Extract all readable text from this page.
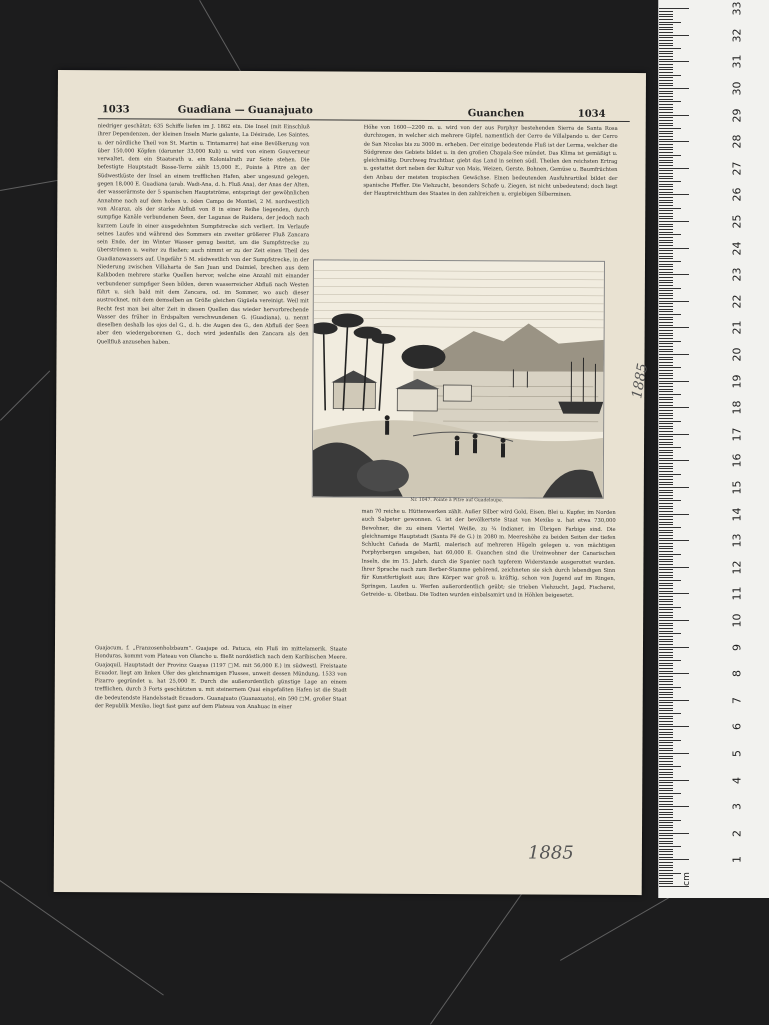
1033	Guadiana — Guanajuato	Guanchen	1034

niedriger geschätzt; 635 Schiffe liefen im J. 1862 ein. Die Insel (mit Einschluß ihrer Dependenzen, der kleinen Inseln Marie galante, La Désirade, Les Saintes, u. der nördliche Theil von St. Martin u. Tintamarre) hat eine Bevölkerung von über 150,000 Köpfen (darunter 33,000 Kuli) u. wird von einem Gouverneur verwaltet, dem ein Staatsrath u. ein Kolonialrath zur Seite stehen. Die befestigte Hauptstadt Basse-Terre zählt 15,000 E., Pointe à Pitre an der Südwestküste der Insel an einem trefflichen Hafen, aber ungesund gelegen, gegen 18,000 E. Guadiana (arab. Wadi-Ana, d. h. Fluß Ana), der Anas der Alten, der wasserärmste der 5 spanischen Hauptströme, entspringt der gewöhnlichen Annahme nach auf dem hohen u. öden Campo de Montiel, 2 M. nordwestlich von Alcaraz, als der starke Abfluß von 8 in einer Reihe liegenden, durch sumpfige Kanäle verbundenen Seen, der Lagunas de Ruidera, der jedoch nach kurzem Laufe in einer ausgedehnten Sumpfstrecke sich verliert. Im Verlaufe seines Laufes und während des Sommers ein zweiter größerer Fluß Zancara sein Ende, der im Winter Wasser genug besitzt, um die Sumpfstrecke zu überströmen u. weiter zu fließen; auch nimmt er zu der Zeit einen Theil des Guadianawassers auf. Ungefähr 5 M. südwestlich von der Sumpfstrecke, in der Niederung zwischen Villaharta de San Juan und Daimiel, brechen aus dem Kalkboden mehrere starke Quellen hervor, welche eine Anzahl mit einander verbundener sumpfiger Seen bilden, deren wasserreicher Abfluß nach Westen führt u. sich bald mit dem Zancara, od. im Sommer, wo auch dieser austrocknet, mit dem demselben an Größe gleichen Gigüela vereinigt. Weil mit Recht fest man bei alter Zeit in diesen Quellen das wieder hervorbrechende Wasser des früher in Erdspalten verschwundenen G. (Guadiana), u. nennt dieselben deshalb los ojos del G., d. h. die Augen des G., den Abfluß der Seen aber den wiedergeborenen G., doch wird jedenfalls den Zancara als den Quellfluß anzusehen haben.

Guajacum, f. „Franzosenholzbaum“. Guajape od. Patuca, ein Fluß im mittelamerik. Staate Honduras, kommt vom Plateau von Olancho u. fließt nordöstlich nach dem Karibischen Meere. Guajaquil, Hauptstadt der Provinz Guayas (1197 □M. mit 56,000 E.) im südwestl. Freistaate Ecuador, liegt am linken Ufer des gleichnamigen Flusses, unweit dessen Mündung, 1533 von Pizarro gegründet u. hat 25,000 E. Durch die außerordentlich günstige Lage an einem trefflichen, durch 3 Forts geschützten u. mit steinernem Quai eingefaßten Hafen ist die Stadt die bedeutendste Handelsstadt Ecuadors. Guanajuato (Guanaxuato), ein 590 □M. großer Staat der Republik Mexiko, liegt fast ganz auf dem Plateau von Anahuac in einer

Höhe von 1600—2200 m. u. wird von der aus Porphyr bestehenden Sierra de Santa Rosa durchzogen, in welcher sich mehrere Gipfel, namentlich der Cerro de Villalpando u. der Cerro de San Nicolas bis zu 3000 m. erheben. Der einzige bedeutende Fluß ist der Lerma, welcher die Südgrenze des Gebiets bildet u. in den großen Chapala-See mündet. Das Klima ist gemäßigt u. gleichmäßig. Durchweg fruchtbar, giebt das Land in seinen südl. Theilen den reichsten Ertrag u. gestattet dort neben der Kultur von Mais, Weizen, Gerste, Bohnen, Gemüse u. Baumfrüchten den Anbau der meisten tropischen Gewächse. Einen bedeutenden Ausfuhrartikel bildet der spanische Pfeffer. Die Viehzucht, besonders Schafe u. Ziegen, ist nicht unbedeutend; doch liegt der Hauptreichthum des Staates in den zahlreichen u. ergiebigen Silberminen.

man 70 reiche u. Hüttenwerken zählt. Außer Silber wird Gold, Eisen, Blei u. Kupfer, im Norden auch Salpeter gewonnen. G. ist der bevölkertste Staat von Mexiko u. hat etwa 730,000 Bewohner, die zu einem Viertel Weiße, zu ¾ Indianer, im Übrigen Farbige sind. Die gleichnamige Hauptstadt (Santa Fé de G.) in 2080 m. Meereshöhe zu beiden Seiten der tiefen Schlucht Cañada de Marfil, malerisch auf mehreren Hügeln gelegen u. von mächtigen Porphyrbergen umgeben, hat 60,000 E. Guanchen sind die Ureinwohner der Canarischen Inseln, die im 15. Jahrh. durch die Spanier nach tapferem Widerstande ausgerottet wurden. Ihrer Sprache nach zum Berber-Stamme gehörend, zeichneten sie sich durch lebendigen Sinn für Kunstfertigkeit aus; ihre Körper war groß u. kräftig, schon von Jugend auf im Ringen, Springen, Laufen u. Werfen außerordentlich geübt; sie trieben Viehzucht, Jagd, Fischerei, Getreide- u. Obstbau. Die Todten wurden einbalsamirt und in Höhlen beigesetzt.

Nr. 1047. Pointe à Pitre auf Guadeloupe.
1885
1885	1
2
3
4
5
6
7
8
9
10
11
12
13
14
15
16
17
18
19
20
21
22
23
24
25
26
27
28
29
30
31
32
33
cm
